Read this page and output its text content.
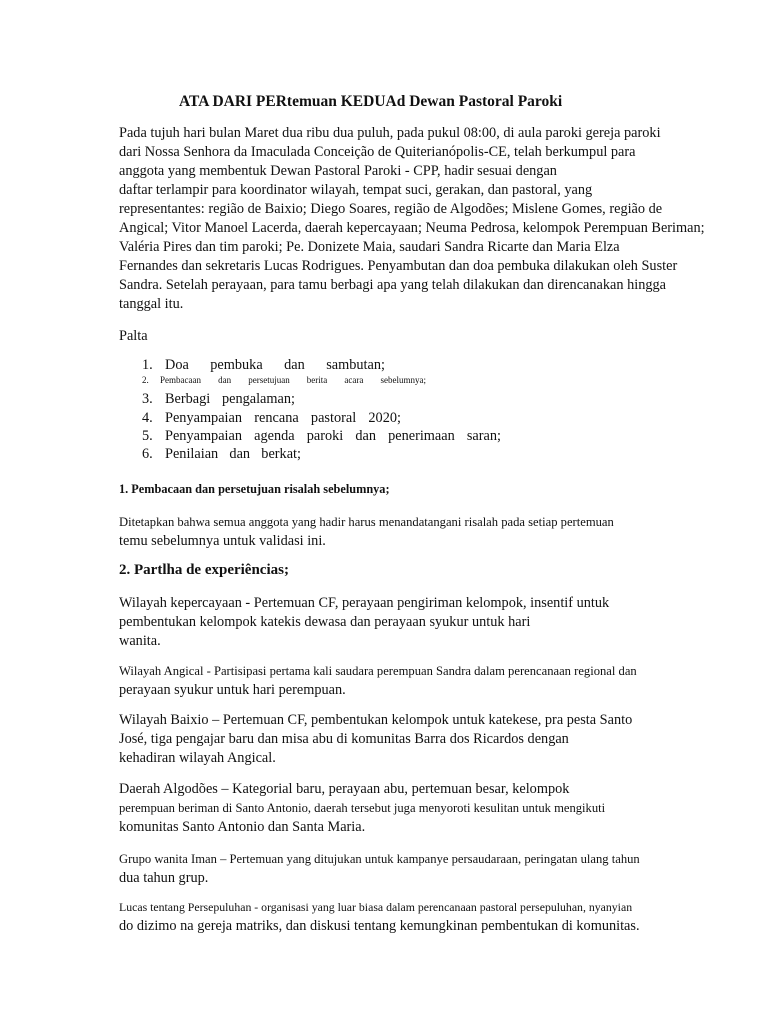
ATA DARI PERtemuan KEDUAd Dewan Pastoral Paroki
Pada tujuh hari bulan Maret dua ribu dua puluh, pada pukul 08:00, di aula paroki gereja paroki
dari Nossa Senhora da Imaculada Conceição de Quiterianópolis-CE, telah berkumpul para
anggota yang membentuk Dewan Pastoral Paroki - CPP, hadir sesuai dengan
daftar terlampir para koordinator wilayah, tempat suci, gerakan, dan pastoral, yang
representantes: região de Baixio; Diego Soares, região de Algodões; Mislene Gomes, região de
Angical; Vitor Manoel Lacerda, daerah kepercayaan; Neuma Pedrosa, kelompok Perempuan Beriman;
Valéria Pires dan tim paroki; Pe. Donizete Maia, saudari Sandra Ricarte dan Maria Elza
Fernandes dan sekretaris Lucas Rodrigues. Penyambutan dan doa pembuka dilakukan oleh Suster
Sandra. Setelah perayaan, para tamu berbagi apa yang telah dilakukan dan direncanakan hingga
tanggal itu.
Palta
1. Doa pembuka dan sambutan;
2.	Pembacaan dan persetujuan berita acara sebelumnya;
3. Berbagi pengalaman;
4. Penyampaian rencana pastoral 2020;
5. Penyampaian agenda paroki dan penerimaan saran;
6. Penilaian dan berkat;
1. Pembacaan dan persetujuan risalah sebelumnya;
Ditetapkan bahwa semua anggota yang hadir harus menandatangani risalah pada setiap pertemuan
temu sebelumnya untuk validasi ini.
2. Partlha de experiências;
Wilayah kepercayaan - Pertemuan CF, perayaan pengiriman kelompok, insentif untuk
pembentukan kelompok katekis dewasa dan perayaan syukur untuk hari
wanita.
Wilayah Angical - Partisipasi pertama kali saudara perempuan Sandra dalam perencanaan regional dan
perayaan syukur untuk hari perempuan.
Wilayah Baixio – Pertemuan CF, pembentukan kelompok untuk katekese, pra pesta Santo
José, tiga pengajar baru dan misa abu di komunitas Barra dos Ricardos dengan
kehadiran wilayah Angical.
Daerah Algodões – Kategorial baru, perayaan abu, pertemuan besar, kelompok
perempuan beriman di Santo Antonio, daerah tersebut juga menyoroti kesulitan untuk mengikuti
komunitas Santo Antonio dan Santa Maria.
Grupo wanita Iman – Pertemuan yang ditujukan untuk kampanye persaudaraan, peringatan ulang tahun
dua tahun grup.
Lucas tentang Persepuluhan - organisasi yang luar biasa dalam perencanaan pastoral persepuluhan, nyanyian
do dizimo na gereja matriks, dan diskusi tentang kemungkinan pembentukan di komunitas.
